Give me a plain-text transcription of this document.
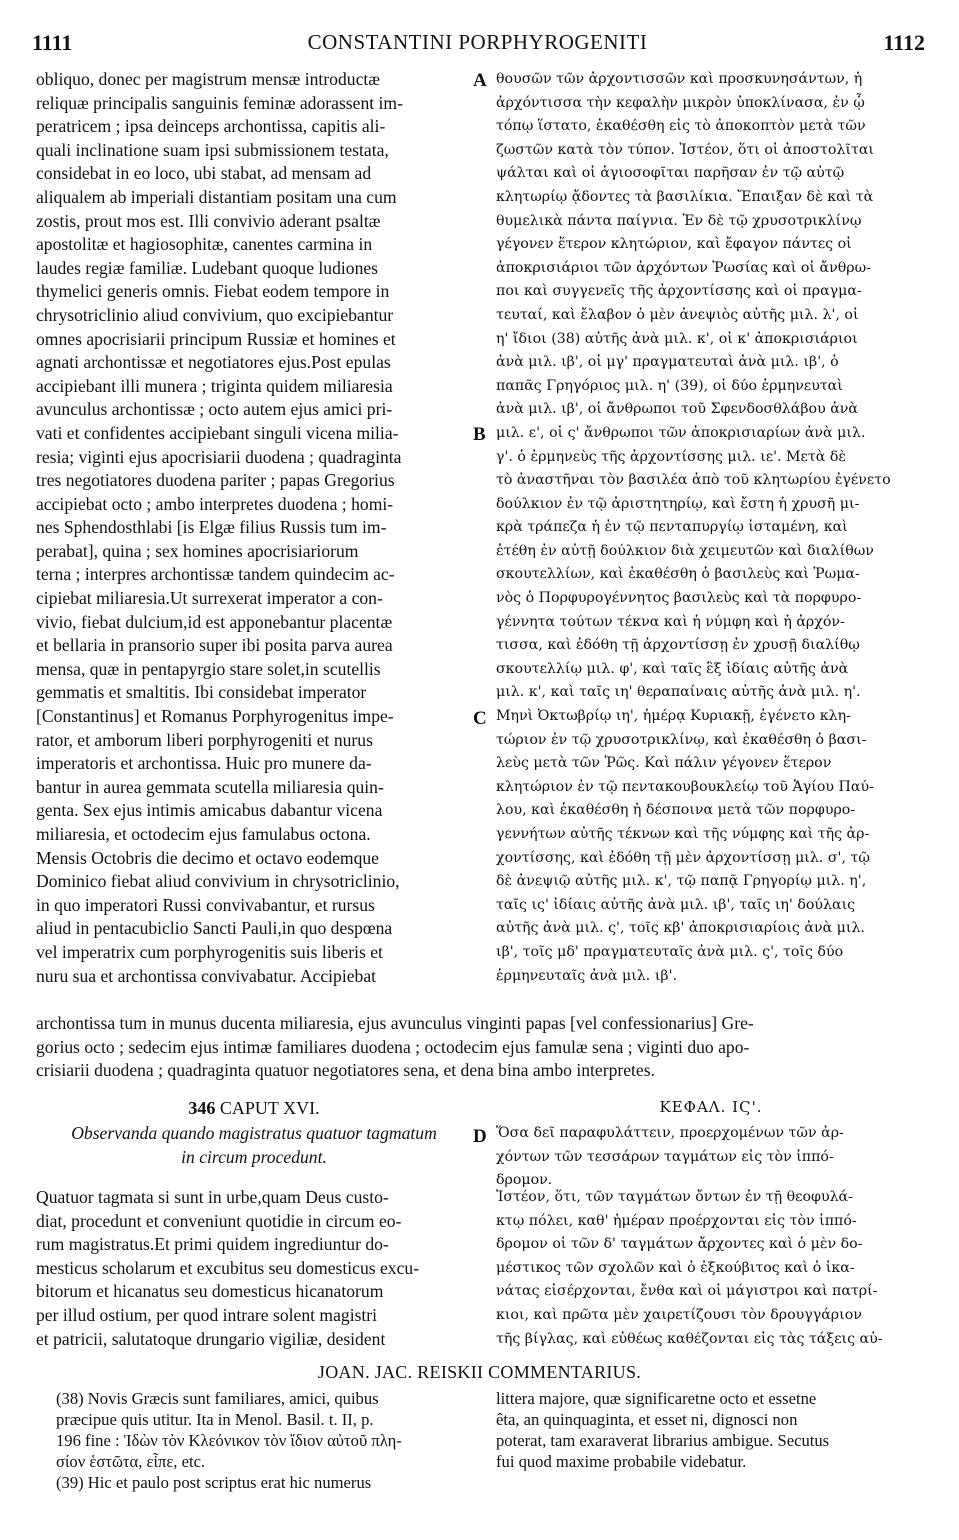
1111	CONSTANTINI PORPHYROGENITI	1112
A
B
C
D
obliquo, donec per magistrum mensæ introductæ
reliquæ principalis sanguinis feminæ adorassent im-
peratricem ; ipsa deinceps archontissa, capitis ali-
quali inclinatione suam ipsi submissionem testata,
considebat in eo loco, ubi stabat, ad mensam ad
aliqualem ab imperiali distantiam positam una cum
zostis, prout mos est. Illi convivio aderant psaltæ
apostolitæ et hagiosophitæ, canentes carmina in
laudes regiæ familiæ. Ludebant quoque ludiones
thymelici generis omnis. Fiebat eodem tempore in
chrysotriclinio aliud convivium, quo excipiebantur
omnes apocrisiarii principum Russiæ et homines et
agnati archontissæ et negotiatores ejus.Post epulas
accipiebant illi munera ; triginta quidem miliaresia
avunculus archontissæ ; octo autem ejus amici pri-
vati et confidentes accipiebant singuli vicena milia-
resia; viginti ejus apocrisiarii duodena ; quadraginta
tres negotiatores duodena pariter ; papas Gregorius
accipiebat octo ; ambo interpretes duodena ; homi-
nes Sphendosthlabi [is Elgæ filius Russis tum im-
perabat], quina ; sex homines apocrisiariorum
terna ; interpres archontissæ tandem quindecim ac-
cipiebat miliaresia.Ut surrexerat imperator a con-
vivio, fiebat dulcium,id est apponebantur placentæ
et bellaria in pransorio super ibi posita parva aurea
mensa, quæ in pentapyrgio stare solet,in scutellis
gemmatis et smaltitis. Ibi considebat imperator
[Constantinus] et Romanus Porphyrogenitus impe-
rator, et amborum liberi porphyrogeniti et nurus
imperatoris et archontissa. Huic pro munere da-
bantur in aurea gemmata scutella miliaresia quin-
genta. Sex ejus intimis amicabus dabantur vicena
miliaresia, et octodecim ejus famulabus octona.
Mensis Octobris die decimo et octavo eodemque
Dominico fiebat aliud convivium in chrysotriclinio,
in quo imperatori Russi convivabantur, et rursus
aliud in pentacubiclio Sancti Pauli,in quo despœna
vel imperatrix cum porphyrogenitis suis liberis et
nuru sua et archontissa convivabatur. Accipiebat
θουσῶν τῶν ἀρχοντισσῶν καὶ προσκυνησάντων, ἡ
ἀρχόντισσα τὴν κεφαλὴν μικρὸν ὑποκλίνασα, ἐν ᾧ
τόπῳ ἵστατο, ἐκαθέσθη εἰς τὸ ἀποκοπτὸν μετὰ τῶν
ζωστῶν κατὰ τὸν τύπον. Ἰστέον, ὅτι οἱ ἀποστολῖται
ψάλται καὶ οἱ ἁγιοσοφῖται παρῆσαν ἐν τῷ αὐτῷ
κλητωρίῳ ᾄδοντες τὰ βασιλίκια. Ἔπαιξαν δὲ καὶ τὰ
θυμελικὰ πάντα παίγνια. Ἐν δὲ τῷ χρυσοτρικλίνῳ
γέγονεν ἕτερον κλητώριον, καὶ ἔφαγον πάντες οἱ
ἀποκρισιάριοι τῶν ἀρχόντων Ῥωσίας καὶ οἱ ἄνθρω-
ποι καὶ συγγενεῖς τῆς ἀρχοντίσσης καὶ οἱ πραγμα-
τευταί, καὶ ἔλαβον ὁ μὲν ἀνεψιὸς αὐτῆς μιλ. λ', οἱ
η' ἴδιοι (38) αὐτῆς ἀνὰ μιλ. κ', οἱ κ' ἀποκρισιάριοι
ἀνὰ μιλ. ιβ', οἱ μγ' πραγματευταὶ ἀνὰ μιλ. ιβ', ὁ
παπᾶς Γρηγόριος μιλ. η' (39), οἱ δύο ἑρμηνευταὶ
ἀνὰ μιλ. ιβ', οἱ ἄνθρωποι τοῦ Σφενδοσθλάβου ἀνὰ
μιλ. ε', οἱ ς' ἄνθρωποι τῶν ἀποκρισιαρίων ἀνὰ μιλ.
γ'. ὁ ἑρμηνεὺς τῆς ἀρχοντίσσης μιλ. ιε'. Μετὰ δὲ
τὸ ἀναστῆναι τὸν βασιλέα ἀπὸ τοῦ κλητωρίου ἐγένετο
δούλκιον ἐν τῷ ἀριστητηρίῳ, καὶ ἔστη ἡ χρυσῆ μι-
κρὰ τράπεζα ἡ ἐν τῷ πενταπυργίῳ ἱσταμένη, καὶ
ἐτέθη ἐν αὐτῇ δούλκιον διὰ χειμευτῶν καὶ διαλίθων
σκουτελλίων, καὶ ἐκαθέσθη ὁ βασιλεὺς καὶ Ῥωμα-
νὸς ὁ Πορφυρογέννητος βασιλεὺς καὶ τὰ πορφυρο-
γέννητα τούτων τέκνα καὶ ἡ νύμφη καὶ ἡ ἀρχόν-
τισσα, καὶ ἐδόθη τῇ ἀρχοντίσσῃ ἐν χρυσῇ διαλίθῳ
σκουτελλίῳ μιλ. φ', καὶ ταῖς ἓξ ἰδίαις αὐτῆς ἀνὰ
μιλ. κ', καὶ ταῖς ιη' θεραπαίναις αὐτῆς ἀνὰ μιλ. η'.
Μηνὶ Ὀκτωβρίῳ ιη', ἡμέρᾳ Κυριακῇ, ἐγένετο κλη-
τώριον ἐν τῷ χρυσοτρικλίνῳ, καὶ ἐκαθέσθη ὁ βασι-
λεὺς μετὰ τῶν Ῥῶς. Καὶ πάλιν γέγονεν ἕτερον
κλητώριον ἐν τῷ πεντακουβουκλείῳ τοῦ Ἁγίου Παύ-
λου, καὶ ἐκαθέσθη ἡ δέσποινα μετὰ τῶν πορφυρο-
γεννήτων αὐτῆς τέκνων καὶ τῆς νύμφης καὶ τῆς ἀρ-
χοντίσσης, καὶ ἐδόθη τῇ μὲν ἀρχοντίσσῃ μιλ. σ', τῷ
δὲ ἀνεψιῷ αὐτῆς μιλ. κ', τῷ παπᾷ Γρηγορίῳ μιλ. η',
ταῖς ις' ἰδίαις αὐτῆς ἀνὰ μιλ. ιβ', ταῖς ιη' δούλαις
αὐτῆς ἀνὰ μιλ. ς', τοῖς κβ' ἀποκρισιαρίοις ἀνὰ μιλ.
ιβ', τοῖς μδ' πραγματευταῖς ἀνὰ μιλ. ς', τοῖς δύο
ἑρμηνευταῖς ἀνὰ μιλ. ιβ'.
archontissa tum in munus ducenta miliaresia, ejus avunculus vinginti papas [vel confessionarius] Gre-
gorius octo ; sedecim ejus intimæ familiares duodena ; octodecim ejus famulæ sena ; viginti duo apo-
crisiarii duodena ; quadraginta quatuor negotiatores sena, et dena bina ambo interpretes.
346 CAPUT XVI.	ΚΕΦΑΛ. ΙϚ'.
Observanda quando magistratus quatuor tagmatum
in circum procedunt.
Ὅσα δεῖ παραφυλάττειν, προερχομένων τῶν ἀρ-
χόντων τῶν τεσσάρων ταγμάτων εἰς τὸν ἱππό-
δρομον.
Quatuor tagmata si sunt in urbe,quam Deus custo-
diat, procedunt et conveniunt quotidie in circum eo-
rum magistratus.Et primi quidem ingrediuntur do-
mesticus scholarum et excubitus seu domesticus excu-
bitorum et hicanatus seu domesticus hicanatorum
per illud ostium, per quod intrare solent magistri
et patricii, salutatoque drungario vigiliæ, desident
Ἰστέον, ὅτι, τῶν ταγμάτων ὄντων ἐν τῇ θεοφυλά-
κτῳ πόλει, καθ' ἡμέραν προέρχονται εἰς τὸν ἱππό-
δρομον οἱ τῶν δ' ταγμάτων ἄρχοντες καὶ ὁ μὲν δο-
μέστικος τῶν σχολῶν καὶ ὁ ἐξκούβιτος καὶ ὁ ἱκα-
νάτας εἰσέρχονται, ἔνθα καὶ οἱ μάγιστροι καὶ πατρί-
κιοι, καὶ πρῶτα μὲν χαιρετίζουσι τὸν δρουγγάριον
τῆς βίγλας, καὶ εὐθέως καθέζονται εἰς τὰς τάξεις αὐ-
JOAN. JAC. REISKII COMMENTARIUS.
(38) Novis Græcis sunt familiares, amici, quibus
præcipue quis utitur. Ita in Menol. Basil. t. II, p.
196 fine : Ἰδὼν τὸν Κλεόνικον τὸν ἴδιον αὐτοῦ πλη-
σίον ἑστῶτα, εἶπε, etc.
(39) Hic et paulo post scriptus erat hic numerus
littera majore, quæ significaretne octo et essetne
êta, an quinquaginta, et esset ni, dignosci non
poterat, tam exaraverat librarius ambigue. Secutus
fui quod maxime probabile videbatur.
